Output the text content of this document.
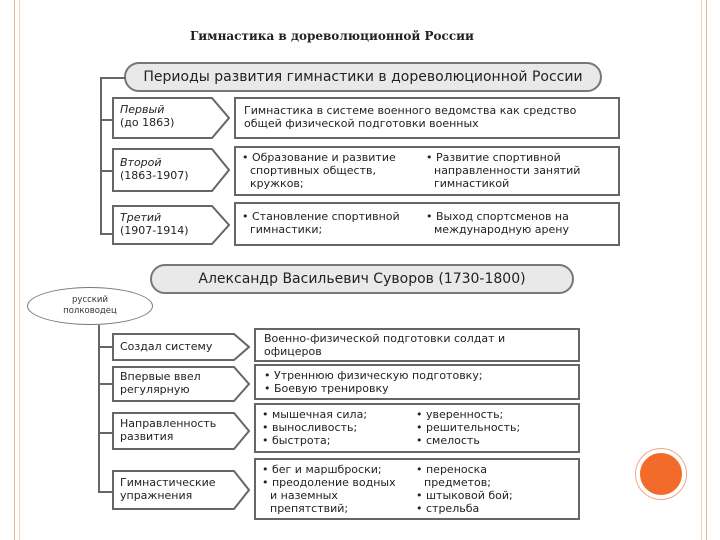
Гимнастика в дореволюционной России
Периоды развития гимнастики в дореволюционной России
Первый
(до 1863)
Гимнастика в системе военного ведомства как средство
общей физической подготовки военных
Второй
(1863-1907)
• Образование и развитие
спортивных обществ,
кружков;
• Развитие спортивной
направленности занятий
гимнастикой
Третий
(1907-1914)
• Становление спортивной
гимнастики;
• Выход спортсменов на
международную арену
Александр Васильевич Суворов (1730-1800)
русский
полководец
Создал систему
Военно-физической подготовки солдат и
офицеров
Впервые ввел
регулярную
• Утреннюю физическую подготовку;
• Боевую тренировку
Направленность
развития
• мышечная сила;
• выносливость;
• быстрота;
• уверенность;
• решительность;
• смелость
Гимнастические
упражнения
• бег и маршброски;
• преодоление водных
и наземных
препятствий;
• переноска
предметов;
• штыковой бой;
• стрельба
